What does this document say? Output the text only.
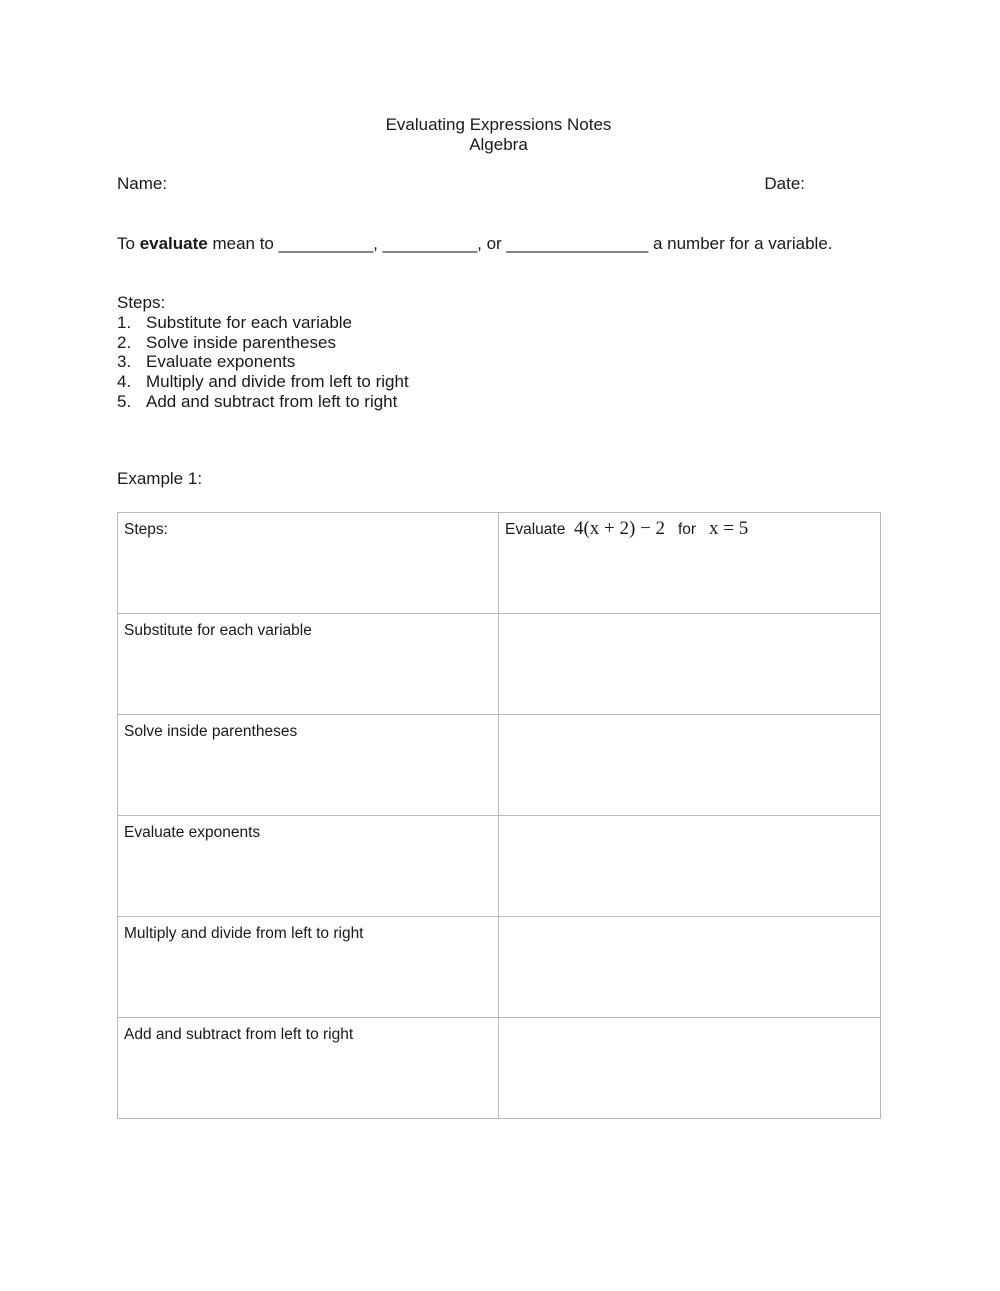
Evaluating Expressions Notes
Algebra
Name:	Date:
To evaluate mean to __________, __________, or _______________ a number for a variable.
Steps:
1. Substitute for each variable
2. Solve inside parentheses
3. Evaluate exponents
4. Multiply and divide from left to right
5. Add and subtract from left to right
Example 1:
Steps:	Evaluate 4(x + 2) − 2 for x = 5
Substitute for each variable	
Solve inside parentheses	
Evaluate exponents	
Multiply and divide from left to right	
Add and subtract from left to right	
